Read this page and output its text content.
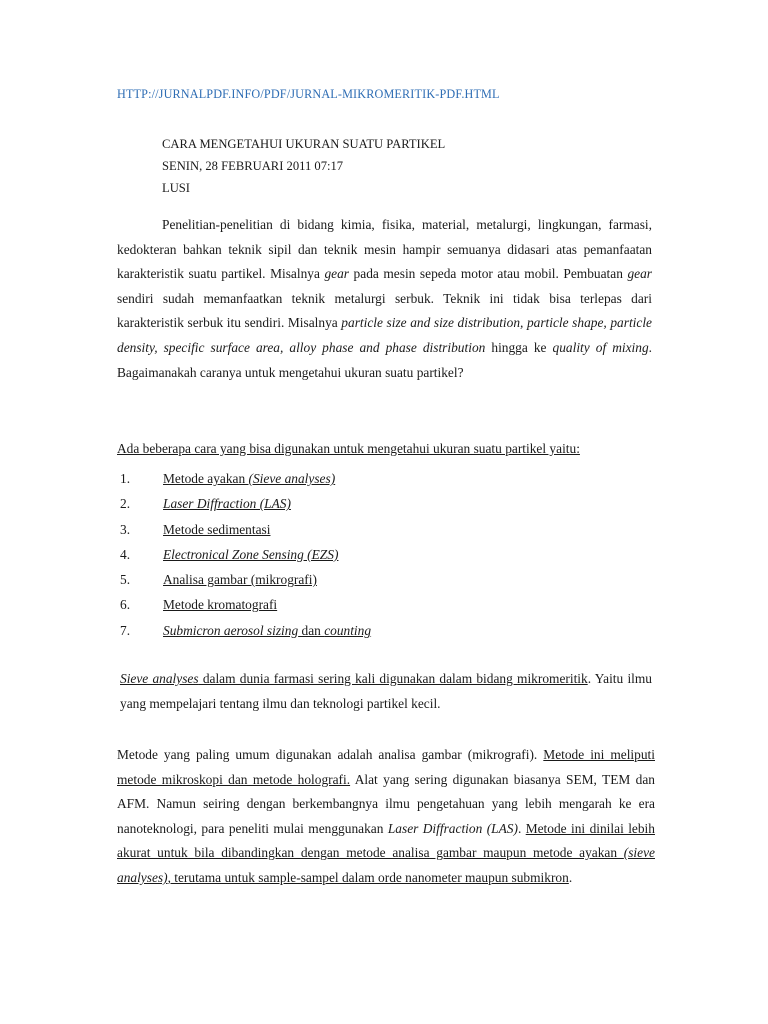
HTTP://JURNALPDF.INFO/PDF/JURNAL-MIKROMERITIK-PDF.HTML
CARA MENGETAHUI UKURAN SUATU PARTIKEL
SENIN, 28 FEBRUARI 2011 07:17
LUSI
Penelitian-penelitian di bidang kimia, fisika, material, metalurgi, lingkungan, farmasi, kedokteran bahkan teknik sipil dan teknik mesin hampir semuanya didasari atas pemanfaatan karakteristik suatu partikel. Misalnya gear pada mesin sepeda motor atau mobil. Pembuatan gear sendiri sudah memanfaatkan teknik metalurgi serbuk. Teknik ini tidak bisa terlepas dari karakteristik serbuk itu sendiri. Misalnya particle size and size distribution, particle shape, particle density, specific surface area, alloy phase and phase distribution hingga ke quality of mixing. Bagaimanakah caranya untuk mengetahui ukuran suatu partikel?
Ada beberapa cara yang bisa digunakan untuk mengetahui ukuran suatu partikel yaitu:
1. Metode ayakan (Sieve analyses)
2. Laser Diffraction (LAS)
3. Metode sedimentasi
4. Electronical Zone Sensing (EZS)
5. Analisa gambar (mikrografi)
6. Metode kromatografi
7. Submicron aerosol sizing dan counting
Sieve analyses dalam dunia farmasi sering kali digunakan dalam bidang mikromeritik. Yaitu ilmu yang mempelajari tentang ilmu dan teknologi partikel kecil.
Metode yang paling umum digunakan adalah analisa gambar (mikrografi). Metode ini meliputi metode mikroskopi dan metode holografi. Alat yang sering digunakan biasanya SEM, TEM dan AFM. Namun seiring dengan berkembangnya ilmu pengetahuan yang lebih mengarah ke era nanoteknologi, para peneliti mulai menggunakan Laser Diffraction (LAS). Metode ini dinilai lebih akurat untuk bila dibandingkan dengan metode analisa gambar maupun metode ayakan (sieve analyses), terutama untuk sample-sampel dalam orde nanometer maupun submikron.
